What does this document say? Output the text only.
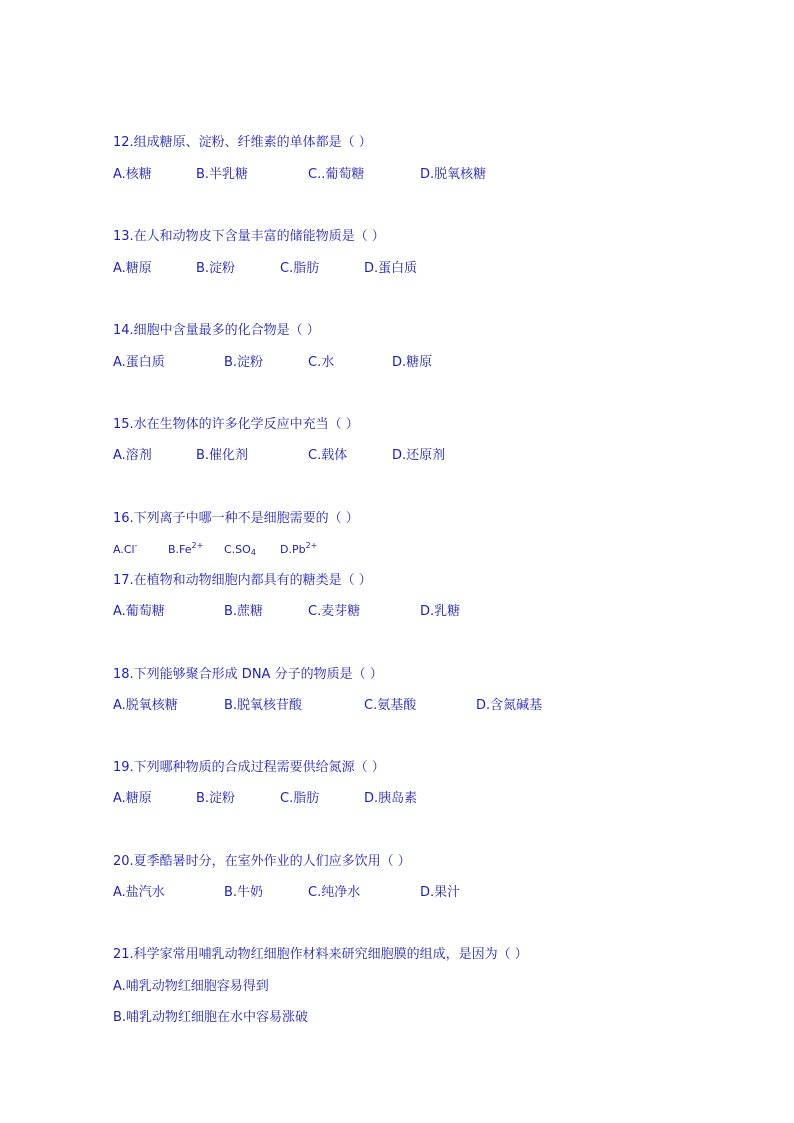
12.组成糖原、淀粉、纤维素的单体都是（ ）
A.核糖	B.半乳糖	C..葡萄糖	D.脱氧核糖
13.在人和动物皮下含量丰富的储能物质是（ ）
A.糖原	B.淀粉	C.脂肪	D.蛋白质
14.细胞中含量最多的化合物是（ ）
A.蛋白质	B.淀粉	C.水	D.糖原
15.水在生物体的许多化学反应中充当（ ）
A.溶剂	B.催化剂	C.载体	D.还原剂
16.下列离子中哪一种不是细胞需要的（ ）
A.Cl-	$B.Fe^{2+}$ $C.SO_4$ $D.Pb^{2+}$
17.在植物和动物细胞内都具有的糖类是（ ）
A.葡萄糖	B.蔗糖	C.麦芽糖	D.乳糖
18.下列能够聚合形成 DNA 分子的物质是（ ）
A.脱氧核糖	B.脱氧核苷酸	C.氨基酸	D.含氮碱基
19.下列哪种物质的合成过程需要供给氮源（ ）
A.糖原	B.淀粉	C.脂肪	D.胰岛素
20.夏季酷暑时分，在室外作业的人们应多饮用（ ）
A.盐汽水	B.牛奶	C.纯净水	D.果汁
21.科学家常用哺乳动物红细胞作材料来研究细胞膜的组成，是因为（ ）
A.哺乳动物红细胞容易得到
B.哺乳动物红细胞在水中容易涨破
